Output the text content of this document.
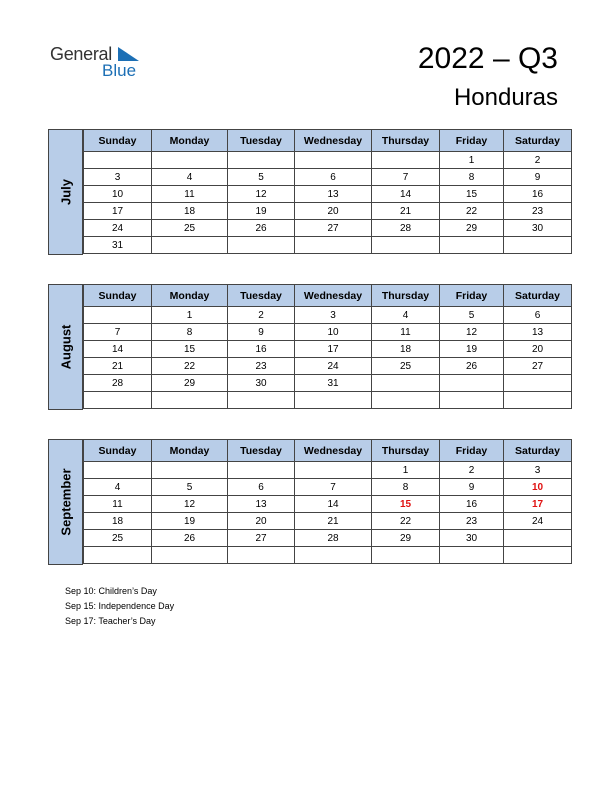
General
Blue	2022 – Q3
Honduras
July
Sunday	Monday	Tuesday	Wednesday	Thursday	Friday	Saturday
					1	2
3	4	5	6	7	8	9
10	11	12	13	14	15	16
17	18	19	20	21	22	23
24	25	26	27	28	29	30
31						
August
Sunday	Monday	Tuesday	Wednesday	Thursday	Friday	Saturday
	1	2	3	4	5	6
7	8	9	10	11	12	13
14	15	16	17	18	19	20
21	22	23	24	25	26	27
28	29	30	31			

September
Sunday	Monday	Tuesday	Wednesday	Thursday	Friday	Saturday
				1	2	3
4	5	6	7	8	9	10
11	12	13	14	15	16	17
18	19	20	21	22	23	24
25	26	27	28	29	30	

Sep 10: Children’s Day
Sep 15: Independence Day
Sep 17: Teacher’s Day
